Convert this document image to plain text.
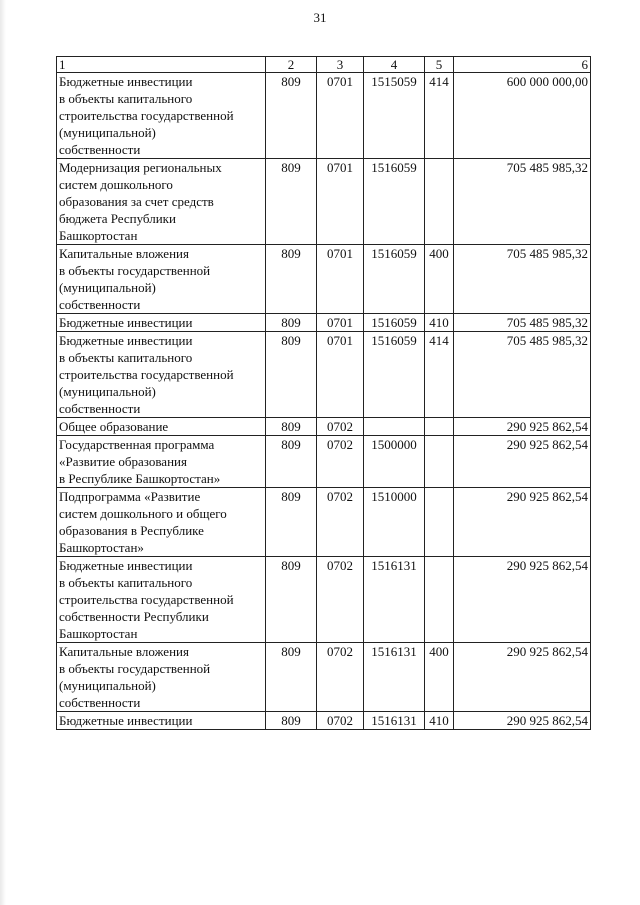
31
1	2	3	4	5	6
Бюджетные инвестиции
в объекты капитального
строительства государственной
(муниципальной)
собственности	809	0701	1515059	414	600 000 000,00
Модернизация региональных
систем дошкольного
образования за счет средств
бюджета Республики
Башкортостан	809	0701	1516059		705 485 985,32
Капитальные вложения
в объекты государственной
(муниципальной)
собственности	809	0701	1516059	400	705 485 985,32
Бюджетные инвестиции	809	0701	1516059	410	705 485 985,32
Бюджетные инвестиции
в объекты капитального
строительства государственной
(муниципальной)
собственности	809	0701	1516059	414	705 485 985,32
Общее образование	809	0702			290 925 862,54
Государственная программа
«Развитие образования
в Республике Башкортостан»	809	0702	1500000		290 925 862,54
Подпрограмма «Развитие
систем дошкольного и общего
образования в Республике
Башкортостан»	809	0702	1510000		290 925 862,54
Бюджетные инвестиции
в объекты капитального
строительства государственной
собственности Республики
Башкортостан	809	0702	1516131		290 925 862,54
Капитальные вложения
в объекты государственной
(муниципальной)
собственности	809	0702	1516131	400	290 925 862,54
Бюджетные инвестиции	809	0702	1516131	410	290 925 862,54
